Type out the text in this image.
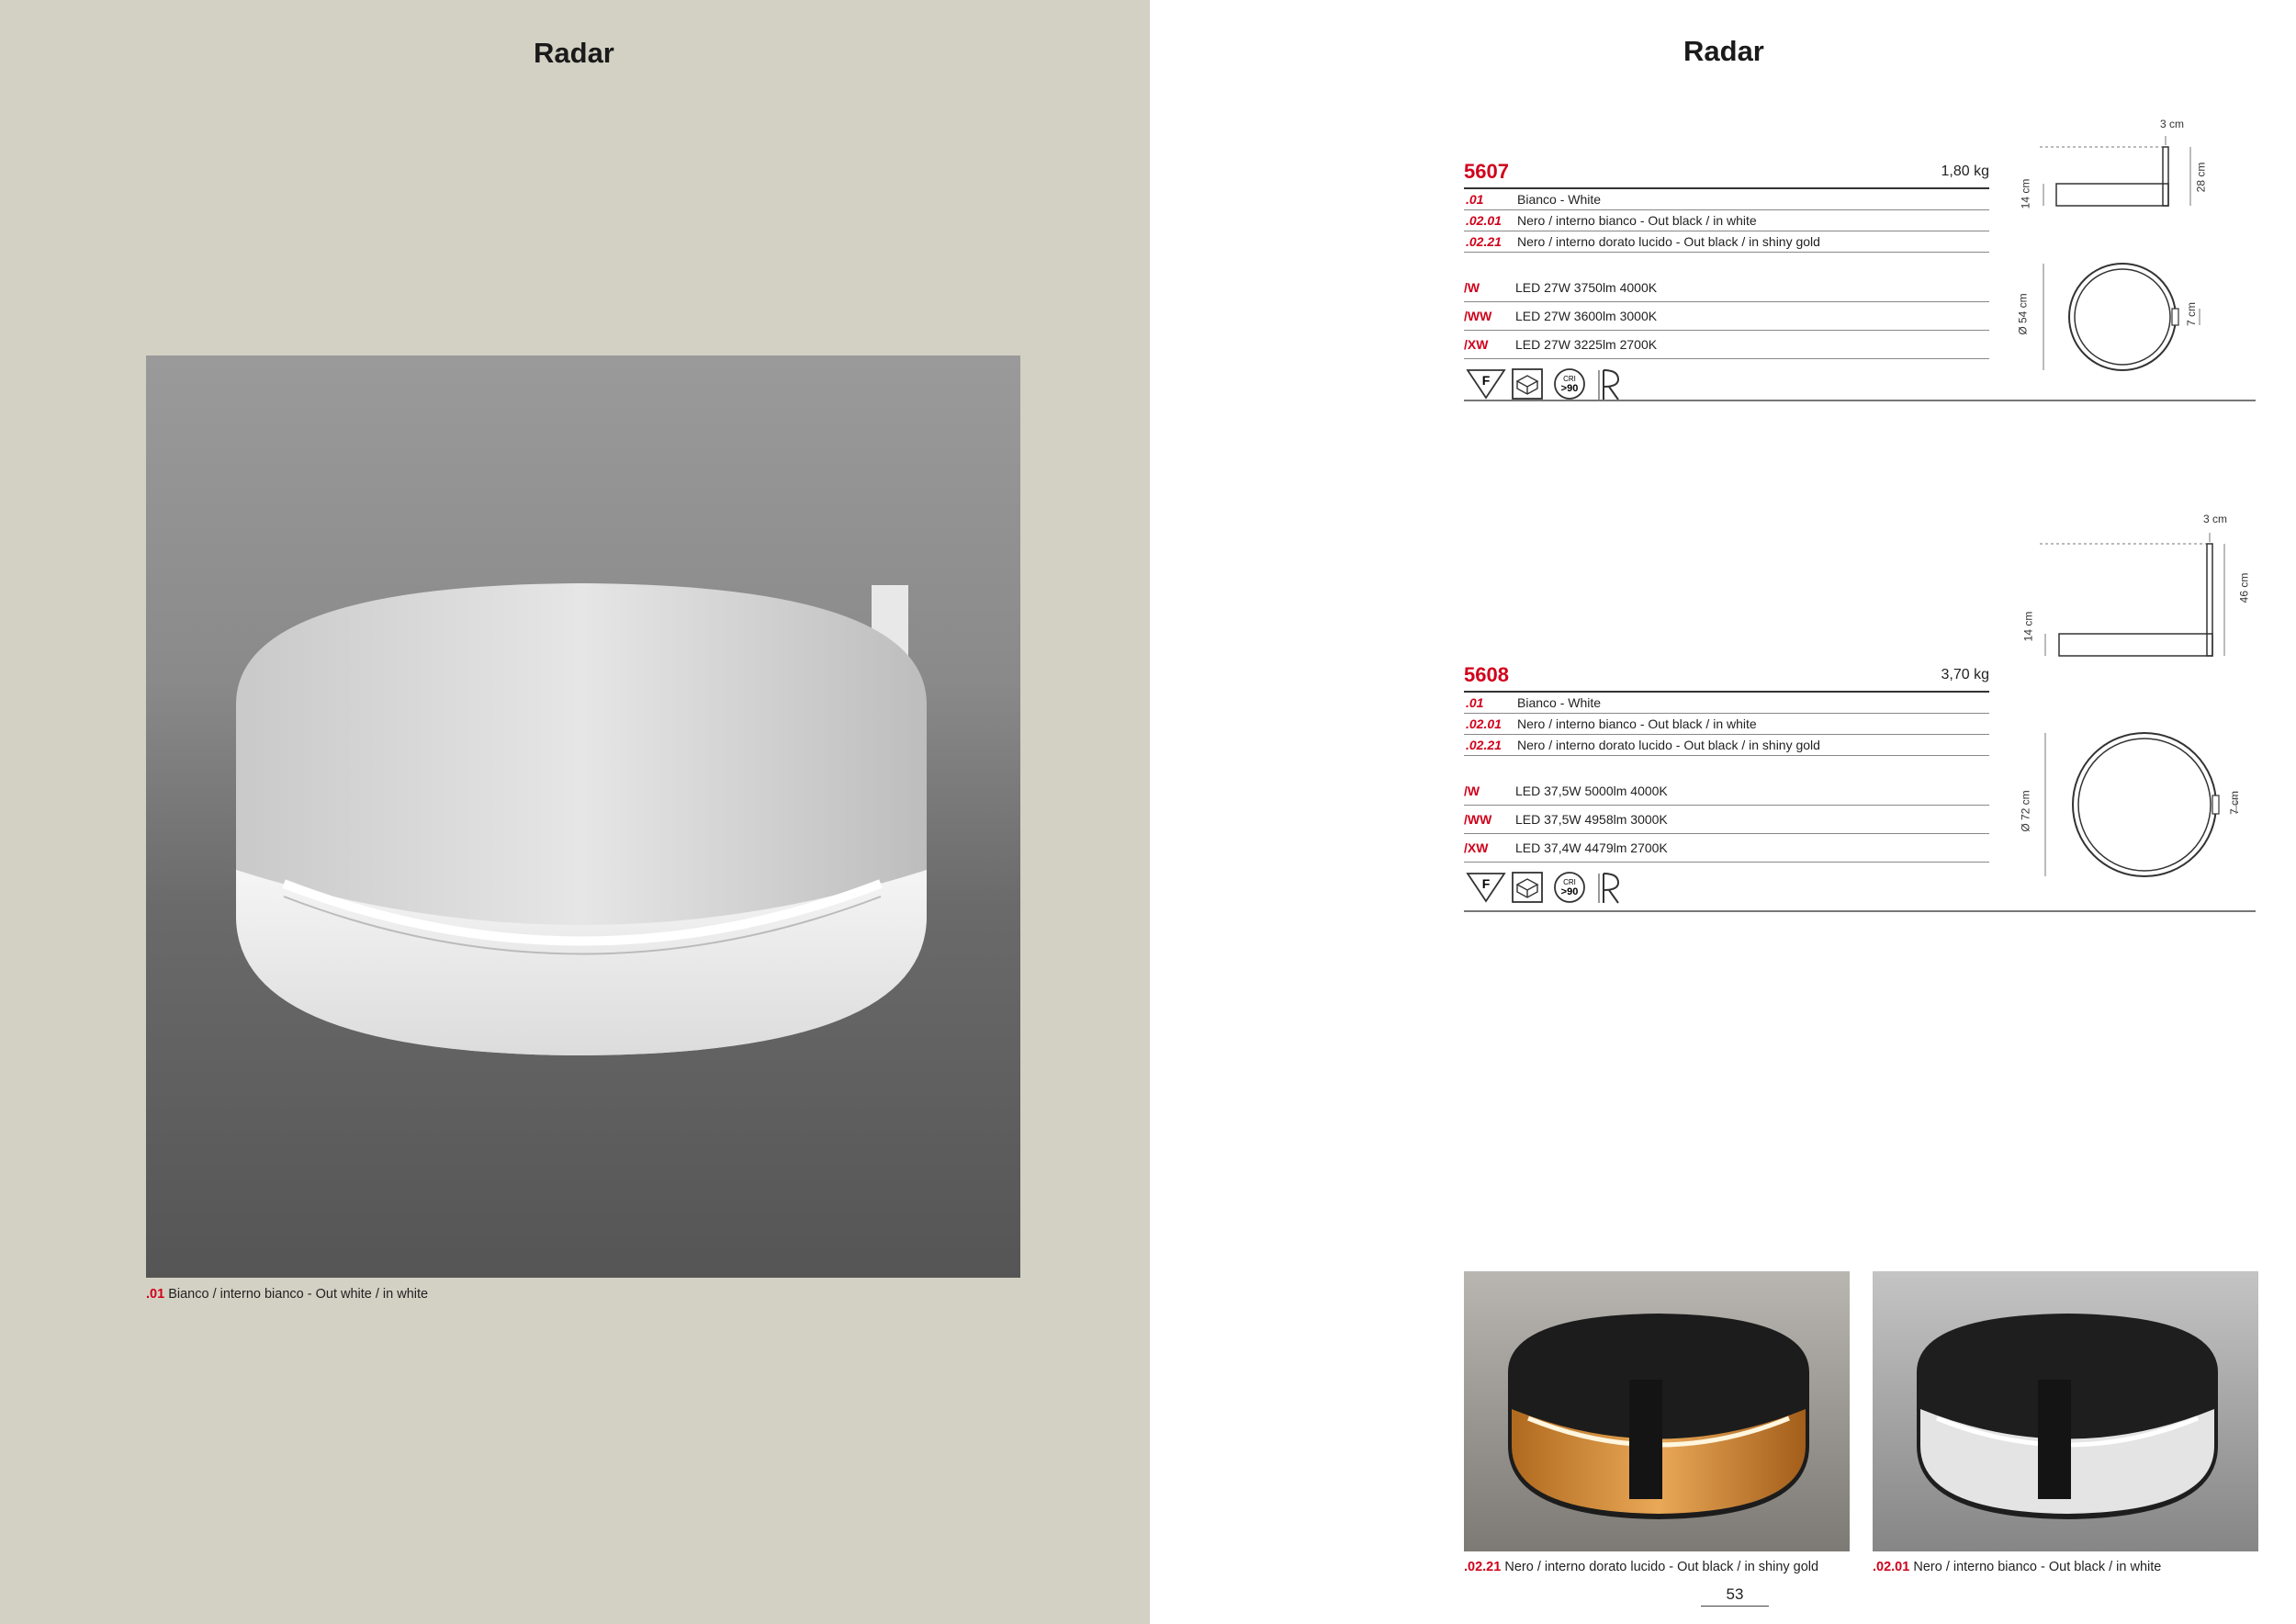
Radar
.01 Bianco / interno bianco - Out white / in white
Radar
5607	1,80 kg
.01	Bianco - White
.02.01 Nero / interno bianco - Out black / in white
.02.21 Nero / interno dorato lucido - Out black / in shiny gold
/W	LED 27W 3750lm 4000K
/WW LED 27W 3600lm 3000K
/XW LED 27W 3225lm 2700K
F	CRI
>90
3 cm
14 cm
28 cm
Ø 54 cm	7 cm
5608	3,70 kg
.01	Bianco - White
.02.01 Nero / interno bianco - Out black / in white
.02.21 Nero / interno dorato lucido - Out black / in shiny gold
/W	LED 37,5W 5000lm 4000K
/WW LED 37,5W 4958lm 3000K
/XW LED 37,4W 4479lm 2700K
F	CRI
>90
3 cm
14 cm
46 cm
Ø 72 cm	7 cm
.02.21 Nero / interno dorato lucido - Out black / in shiny gold	.02.01 Nero / interno bianco - Out black / in white
53
